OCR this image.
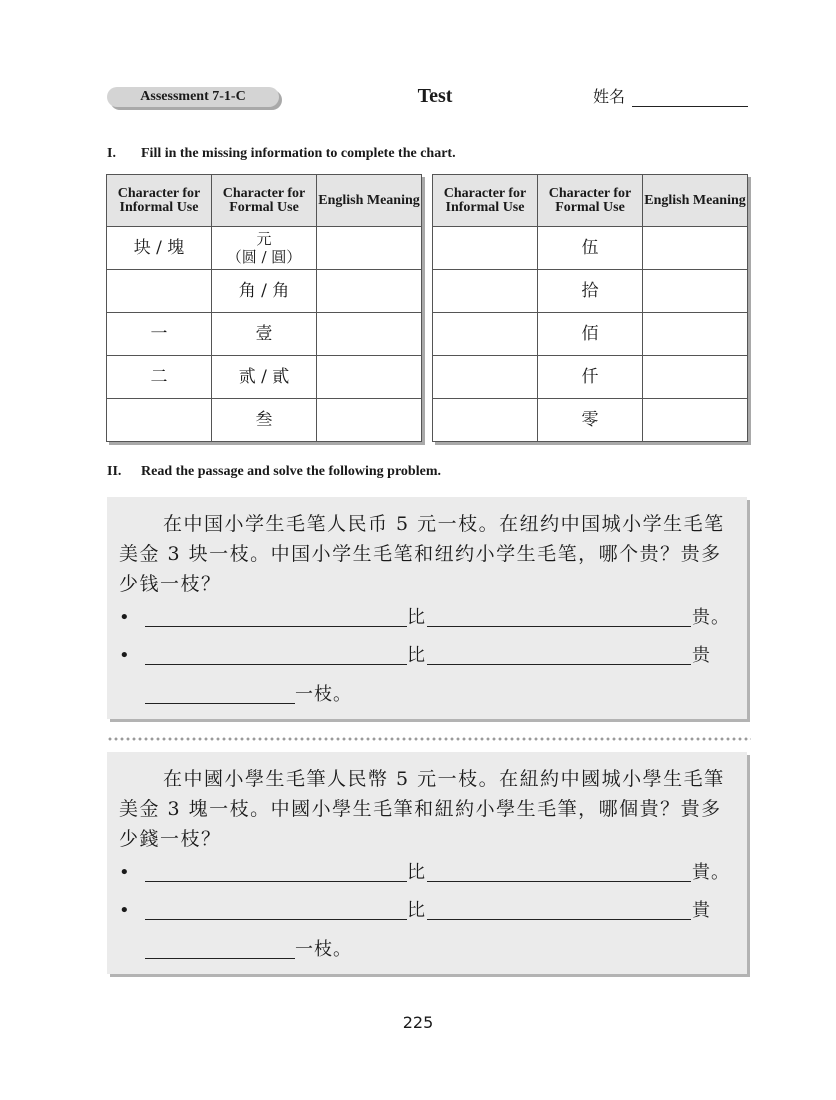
Assessment 7-1-C	Test	姓名
I. Fill in the missing information to complete the chart.
Character for Informal Use	Character for Formal Use	English Meaning
块 / 塊	元
（圆 / 圓）	

	角 / 角	
一	壹	
二	贰 / 貳	
	叁	
Character for Informal Use	Character for Formal Use	English Meaning
	伍	
	拾	
	佰	
	仟	
	零	
II. Read the passage and solve the following problem.
在中国小学生毛笔人民币 5 元一枝。在纽约中国城小学生毛笔美金 3 块一枝。中国小学生毛笔和纽约小学生毛笔，哪个贵？贵多少钱一枝？
•	比	贵。
•	比	贵
一枝。
在中國小學生毛筆人民幣 5 元一枝。在紐約中國城小學生毛筆美金 3 塊一枝。中國小學生毛筆和紐約小學生毛筆，哪個貴？貴多少錢一枝？
•	比	貴。
•	比	貴
一枝。
225
